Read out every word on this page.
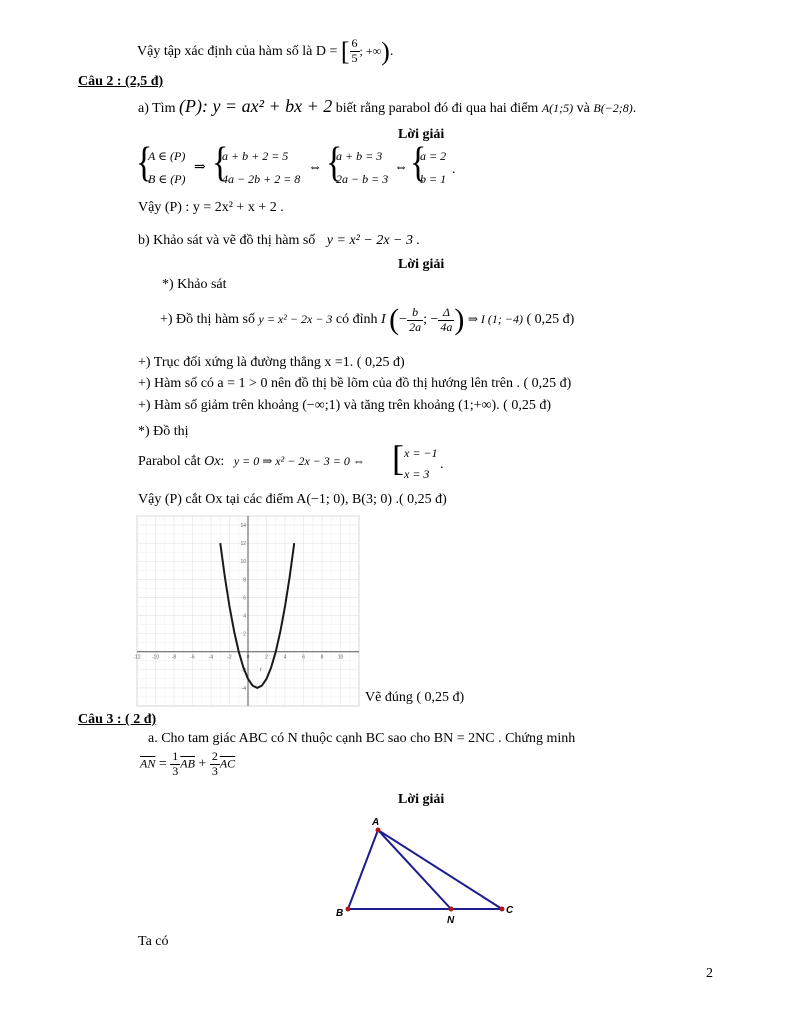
Vậy tập xác định của hàm số là D = [ $\frac{6}{5}$ ; +∞).
Câu 2 : (2,5 đ)
a) Tìm (P): y = ax² + bx + 2 biết rằng parabol đó đi qua hai điểm A(1;5) và B(−2;8).
Lời giải
{
A ∈ (P)
B ∈ (P)
⇒ {
a + b + 2 = 5
4a − 2b + 2 = 8
⇔ {
a + b = 3
2a − b = 3
⇔ {
a = 2
b = 1
.
Vậy (P) : y = 2x² + x + 2 .
b) Khảo sát và vẽ đồ thị hàm số y = x² − 2x − 3 .
Lời giải
*) Khảo sát
+) Đồ thị hàm số y = x² − 2x − 3 có đỉnh I (− $\frac{b}{2a}$ ; − $\frac{\Delta}{4a}$ ) ⇒ I (1; −4) ( 0,25 đ)
+) Trục đối xứng là đường thẳng x =1. ( 0,25 đ)
+) Hàm số có a = 1 > 0 nên đồ thị bề lõm của đồ thị hướng lên trên . ( 0,25 đ)
+) Hàm số giảm trên khoảng (−∞;1) và tăng trên khoảng (1;+∞). ( 0,25 đ)
*) Đồ thị
Parabol cắt Ox: y = 0 ⇒ x² − 2x − 3 = 0 ⇔ [ x = −1
x = 3
.
Vậy (P) cắt Ox tại các điểm A(−1; 0), B(3; 0) .( 0,25 đ)
-12 -10	-8	-6	-4	-2	0	2	4	6	8	10
14
12
10
8
6
4
2
-2
-4
f
Vẽ đúng ( 0,25 đ)
Câu 3 : ( 2 đ)
a. Cho tam giác ABC có N thuộc cạnh BC sao cho BN = 2NC . Chứng minh
$\overline{AN} = \frac{1}{3} \overline{AB} + \frac{2}{3} \overline{AC}$
Lời giải
A
B	C
N
Ta có
2
